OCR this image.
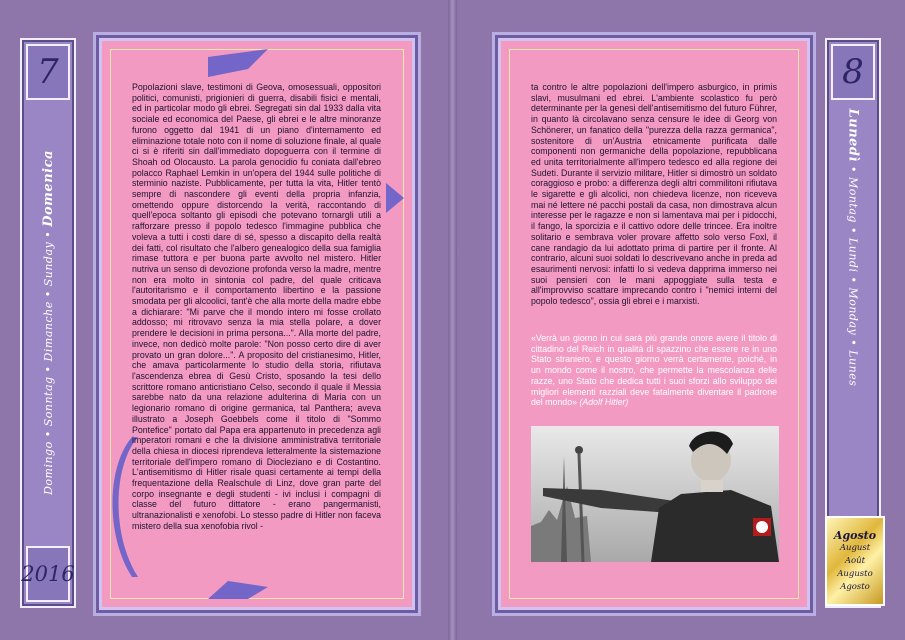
7
Domingo • Sonntag • Dimanche • Sunday • Domenica
2016
Popolazioni slave, testimoni di Geova, omosessuali, oppositori politici, comunisti, prigionieri di guerra, disabili fisici e mentali, ed in particolar modo gli ebrei. Segregati sin dal 1933 dalla vita sociale ed economica del Paese, gli ebrei e le altre minoranze furono oggetto dal 1941 di un piano d'internamento ed eliminazione totale noto con il nome di soluzione finale, al quale ci si è riferiti sin dall'immediato dopoguerra con il termine di Shoah od Olocausto. La parola genocidio fu coniata dall'ebreo polacco Raphael Lemkin in un'opera del 1944 sulle politiche di sterminio naziste. Pubblicamente, per tutta la vita, Hitler tentò sempre di nascondere gli eventi della propria infanzia, omettendo oppure distorcendo la verità, raccontando di quell'epoca soltanto gli episodi che potevano tornargli utili a rafforzare presso il popolo tedesco l'immagine pubblica che voleva a tutti i costi dare di sé, spesso a discapito della realtà dei fatti, col risultato che l'albero genealogico della sua famiglia rimase tuttora e per buona parte avvolto nel mistero. Hitler nutriva un senso di devozione profonda verso la madre, mentre non era molto in sintonia col padre, del quale criticava l'autoritarismo e il comportamento libertino e la passione smodata per gli alcoolici, tant'è che alla morte della madre ebbe a dichiarare: "Mi parve che il mondo intero mi fosse crollato addosso; mi ritrovavo senza la mia stella polare, a dover prendere le decisioni in prima persona...". Alla morte del padre, invece, non dedicò molte parole: "Non posso certo dire di aver provato un gran dolore...". A proposito del cristianesimo, Hitler, che amava particolarmente lo studio della storia, rifiutava l'ascendenza ebrea di Gesù Cristo, sposando la tesi dello scrittore romano anticristiano Celso, secondo il quale il Messia sarebbe nato da una relazione adulterina di Maria con un legionario romano di origine germanica, tal Panthera; aveva illustrato a Joseph Goebbels come il titolo di "Sommo Pontefice" portato dal Papa era appartenuto in precedenza agli imperatori romani e che la divisione amministrativa territoriale della chiesa in diocesi riprendeva letteralmente la sistemazione territoriale dell'impero romano di Diocleziano e di Costantino. L'antisemitismo di Hitler risale quasi certamente ai tempi della frequentazione della Realschule di Linz, dove gran parte del corpo insegnante e degli studenti - ivi inclusi i compagni di classe del futuro dittatore - erano pangermanisti, ultranazionalisti e xenofobi. Lo stesso padre di Hitler non faceva mistero della sua xenofobia rivol -
ta contro le altre popolazioni dell'impero asburgico, in primis slavi, musulmani ed ebrei. L'ambiente scolastico fu però determinante per la genesi dell'antisemitismo del futuro Führer, in quanto là circolavano senza censure le idee di Georg von Schönerer, un fanatico della "purezza della razza germanica", sostenitore di un'Austria etnicamente purificata dalle componenti non germaniche della popolazione, repubblicana ed unita territorialmente all'impero tedesco ed alla regione dei Sudeti. Durante il servizio militare, Hitler si dimostrò un soldato coraggioso e probo: a differenza degli altri commilitoni rifiutava le sigarette e gli alcolici, non chiedeva licenze, non riceveva mai né lettere né pacchi postali da casa, non dimostrava alcun interesse per le ragazze e non si lamentava mai per i pidocchi, il fango, la sporcizia e il cattivo odore delle trincee. Era inoltre solitario e sembrava voler provare affetto solo verso Foxl, il cane randagio da lui adottato prima di partire per il fronte. Al contrario, alcuni suoi soldati lo descrivevano anche in preda ad esaurimenti nervosi: infatti lo si vedeva dapprima immerso nei suoi pensieri con le mani appoggiate sulla testa e all'improvviso scattare imprecando contro i "nemici interni del popolo tedesco", ossia gli ebrei e i marxisti.
«Verrà un giorno in cui sarà più grande onore avere il titolo di cittadino del Reich in qualità di spazzino che essere re in uno Stato straniero, e questo giorno verrà certamente, poiché, in un mondo come il nostro, che permette la mescolanza delle razze, uno Stato che dedica tutti i suoi sforzi allo sviluppo dei migliori elementi razziali deve fatalmente diventare il padrone del mondo» (Adolf Hitler)
8
Lunedì • Montag • Lundi • Monday • Lunes
Agosto
August
Août
Augusto
Agosto
